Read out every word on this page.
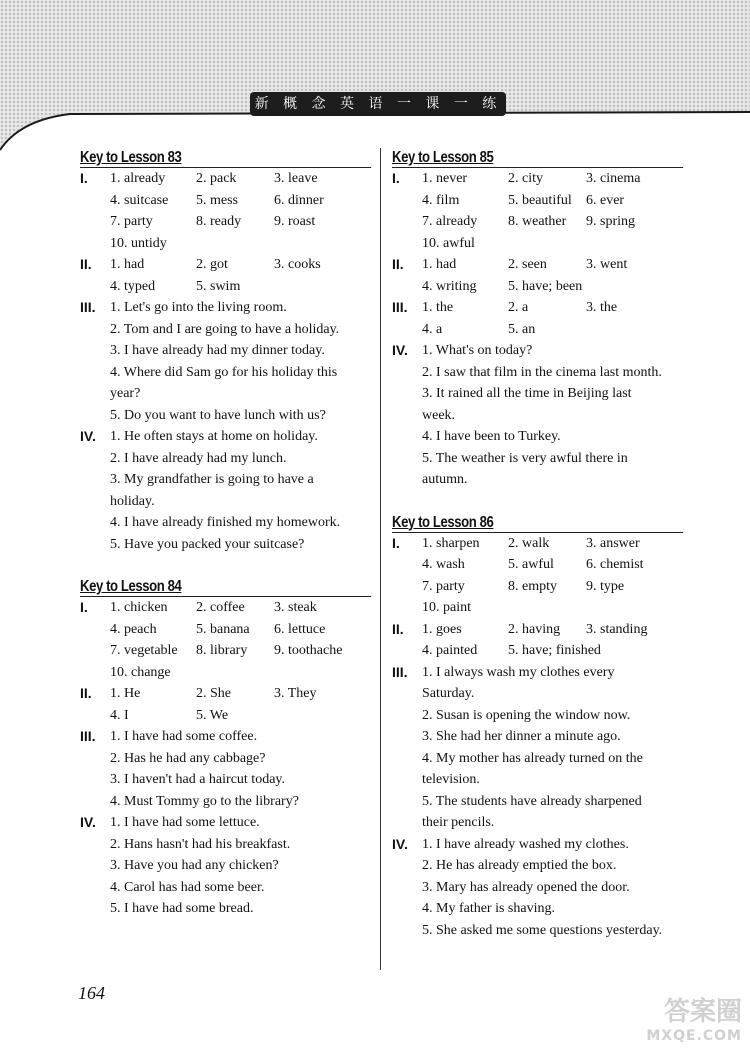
新 概 念 英 语 一 课 一 练 1
Key to Lesson 83
I. 1. already	2. pack	3. leave
4. suitcase	5. mess	6. dinner
7. party	8. ready	9. roast
10. untidy
II. 1. had	2. got	3. cooks
4. typed	5. swim
III. 1. Let's go into the living room.
2. Tom and I are going to have a holiday.
3. I have already had my dinner today.
4. Where did Sam go for his holiday this
year?
5. Do you want to have lunch with us?
IV. 1. He often stays at home on holiday.
2. I have already had my lunch.
3. My grandfather is going to have a
holiday.
4. I have already finished my homework.
5. Have you packed your suitcase?
Key to Lesson 84
I. 1. chicken	2. coffee	3. steak
4. peach	5. banana	6. lettuce
7. vegetable	8. library	9. toothache
10. change
II. 1. He	2. She	3. They
4. I	5. We
III. 1. I have had some coffee.
2. Has he had any cabbage?
3. I haven't had a haircut today.
4. Must Tommy go to the library?
IV. 1. I have had some lettuce.
2. Hans hasn't had his breakfast.
3. Have you had any chicken?
4. Carol has had some beer.
5. I have had some bread.
Key to Lesson 85
I. 1. never	2. city	3. cinema
4. film	5. beautiful	6. ever
7. already	8. weather	9. spring
10. awful
II. 1. had	2. seen	3. went
4. writing	5. have; been
III. 1. the	2. a	3. the
4. a	5. an
IV. 1. What's on today?
2. I saw that film in the cinema last month.
3. It rained all the time in Beijing last
week.
4. I have been to Turkey.
5. The weather is very awful there in
autumn.
Key to Lesson 86
I. 1. sharpen	2. walk	3. answer
4. wash	5. awful	6. chemist
7. party	8. empty	9. type
10. paint
II. 1. goes	2. having	3. standing
4. painted	5. have; finished
III. 1. I always wash my clothes every
Saturday.
2. Susan is opening the window now.
3. She had her dinner a minute ago.
4. My mother has already turned on the
television.
5. The students have already sharpened
their pencils.
IV. 1. I have already washed my clothes.
2. He has already emptied the box.
3. Mary has already opened the door.
4. My father is shaving.
5. She asked me some questions yesterday.
164
答案圈
MXQE.COM
